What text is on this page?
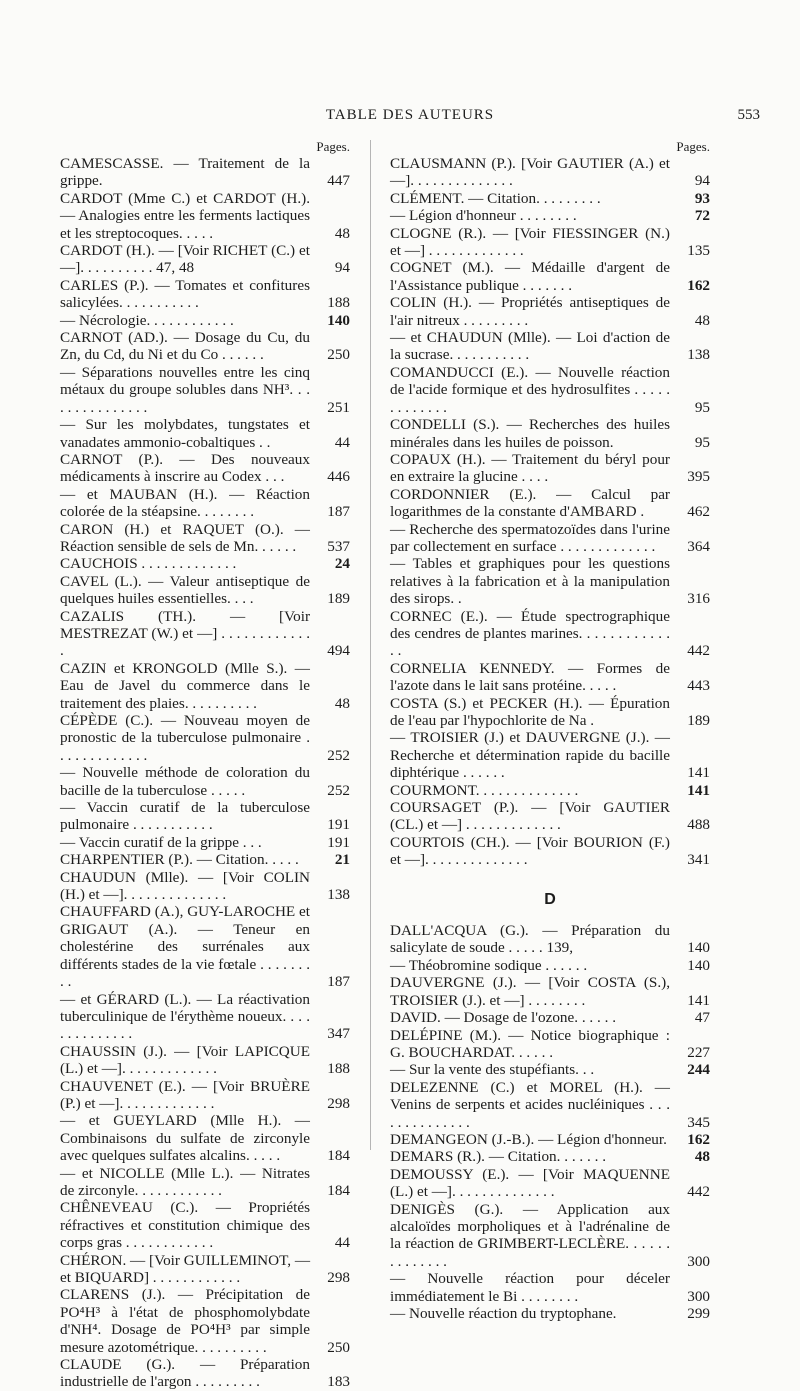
TABLE DES AUTEURS	553
Pages.
CAMESCASSE. — Traitement de la grippe.	447
CARDOT (Mme C.) et CARDOT (H.). — Analogies entre les ferments lactiques et les streptocoques. . . . .	48
CARDOT (H.). — [Voir RICHET (C.) et —]. . . . . . . . . . 47, 48	94
CARLES (P.). — Tomates et confitures salicylées. . . . . . . . . . .	188
— Nécrologie. . . . . . . . . . . .	140
CARNOT (AD.). — Dosage du Cu, du Zn, du Cd, du Ni et du Co . . . . . .	250
— Séparations nouvelles entre les cinq métaux du groupe solubles dans NH³. . . . . . . . . . . . . . .	251
— Sur les molybdates, tungstates et vanadates ammonio-cobaltiques . .	44
CARNOT (P.). — Des nouveaux médicaments à inscrire au Codex . . .	446
— et MAUBAN (H.). — Réaction colorée de la stéapsine. . . . . . . .	187
CARON (H.) et RAQUET (O.). — Réaction sensible de sels de Mn. . . . . .	537
CAUCHOIS . . . . . . . . . . . . .	24
CAVEL (L.). — Valeur antiseptique de quelques huiles essentielles. . . .	189
CAZALIS (TH.). — [Voir MESTREZAT (W.) et —] . . . . . . . . . . . . .	494
CAZIN et KRONGOLD (Mlle S.). — Eau de Javel du commerce dans le traitement des plaies. . . . . . . . . .	48
CÉPÈDE (C.). — Nouveau moyen de pronostic de la tuberculose pulmonaire . . . . . . . . . . . . .	252
— Nouvelle méthode de coloration du bacille de la tuberculose . . . . .	252
— Vaccin curatif de la tuberculose pulmonaire . . . . . . . . . . .	191
— Vaccin curatif de la grippe . . .	191
CHARPENTIER (P.). — Citation. . . . .	21
CHAUDUN (Mlle). — [Voir COLIN (H.) et —]. . . . . . . . . . . . . .	138
CHAUFFARD (A.), GUY-LAROCHE et GRIGAUT (A.). — Teneur en cholestérine des surrénales aux différents stades de la vie fœtale . . . . . . . . .	187
— et GÉRARD (L.). — La réactivation tuberculinique de l'érythème noueux. . . . . . . . . . . . . .	347
CHAUSSIN (J.). — [Voir LAPICQUE (L.) et —]. . . . . . . . . . . . .	188
CHAUVENET (E.). — [Voir BRUÈRE (P.) et —]. . . . . . . . . . . . .	298
— et GUEYLARD (Mlle H.). — Combinaisons du sulfate de zirconyle avec quelques sulfates alcalins. . . . .	184
— et NICOLLE (Mlle L.). — Nitrates de zirconyle. . . . . . . . . . . .	184
CHÊNEVEAU (C.). — Propriétés réfractives et constitution chimique des corps gras . . . . . . . . . . . .	44
CHÉRON. — [Voir GUILLEMINOT, — et BIQUARD] . . . . . . . . . . . .	298
CLARENS (J.). — Précipitation de PO⁴H³ à l'état de phosphomolybdate d'NH⁴. Dosage de PO⁴H³ par simple mesure azotométrique. . . . . . . . . .	250
CLAUDE (G.). — Préparation industrielle de l'argon . . . . . . . . .	183
Pages.
CLAUSMANN (P.). [Voir GAUTIER (A.) et —]. . . . . . . . . . . . . .	94
CLÉMENT. — Citation. . . . . . . . .	93
— Légion d'honneur . . . . . . . .	72
CLOGNE (R.). — [Voir FIESSINGER (N.) et —] . . . . . . . . . . . . .	135
COGNET (M.). — Médaille d'argent de l'Assistance publique . . . . . . .	162
COLIN (H.). — Propriétés antiseptiques de l'air nitreux . . . . . . . . .	48
— et CHAUDUN (Mlle). — Loi d'action de la sucrase. . . . . . . . . . .	138
COMANDUCCI (E.). — Nouvelle réaction de l'acide formique et des hydrosulfites . . . . . . . . . . . . .	95
CONDELLI (S.). — Recherches des huiles minérales dans les huiles de poisson.	95
COPAUX (H.). — Traitement du béryl pour en extraire la glucine . . . .	395
CORDONNIER (E.). — Calcul par logarithmes de la constante d'AMBARD .	462
— Recherche des spermatozoïdes dans l'urine par collectement en surface . . . . . . . . . . . . .	364
— Tables et graphiques pour les questions relatives à la fabrication et à la manipulation des sirops. .	316
CORNEC (E.). — Étude spectrographique des cendres de plantes marines. . . . . . . . . . . . . .	442
CORNELIA KENNEDY. — Formes de l'azote dans le lait sans protéine. . . . .	443
COSTA (S.) et PECKER (H.). — Épuration de l'eau par l'hypochlorite de Na .	189
— TROISIER (J.) et DAUVERGNE (J.). — Recherche et détermination rapide du bacille diphtérique . . . . . .	141
COURMONT. . . . . . . . . . . . . .	141
COURSAGET (P.). — [Voir GAUTIER (CL.) et —] . . . . . . . . . . . . .	488
COURTOIS (CH.). — [Voir BOURION (F.) et —]. . . . . . . . . . . . . .	341
D
DALL'ACQUA (G.). — Préparation du salicylate de soude . . . . . 139,	140
— Théobromine sodique . . . . . .	140
DAUVERGNE (J.). — [Voir COSTA (S.), TROISIER (J.). et —] . . . . . . . .	141
DAVID. — Dosage de l'ozone. . . . . .	47
DELÉPINE (M.). — Notice biographique : G. BOUCHARDAT. . . . . .	227
— Sur la vente des stupéfiants. . .	244
DELEZENNE (C.) et MOREL (H.). — Venins de serpents et acides nucléiniques . . . . . . . . . . . . . .	345
DEMANGEON (J.-B.). — Légion d'honneur.	162
DEMARS (R.). — Citation. . . . . . .	48
DEMOUSSY (E.). — [Voir MAQUENNE (L.) et —]. . . . . . . . . . . . . .	442
DENIGÈS (G.). — Application aux alcaloïdes morpholiques et à l'adrénaline de la réaction de GRIMBERT-LECLÈRE. . . . . . . . . . . . . .	300
— Nouvelle réaction pour déceler immédiatement le Bi . . . . . . . .	300
— Nouvelle réaction du tryptophane.	299
